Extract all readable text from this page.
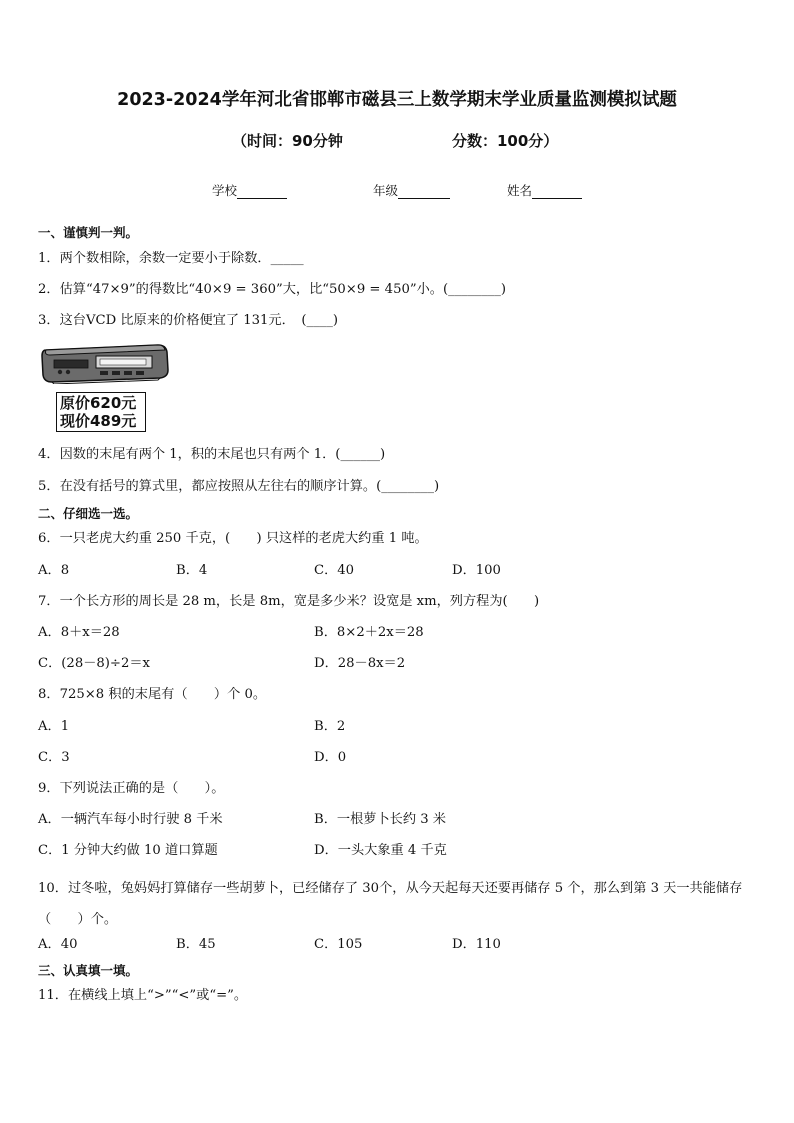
2023-2024学年河北省邯郸市磁县三上数学期末学业质量监测模拟试题
（时间：90分钟	分数：100分）
学校	年级	姓名
一、谨慎判一判。
1．两个数相除，余数一定要小于除数．_____
2．估算“47×9”的得数比“40×9 = 360”大，比“50×9 = 450”小。(________)
3．这台VCD 比原来的价格便宜了 131元．　(____)
原价620元
现价489元
4．因数的末尾有两个 1，积的末尾也只有两个 1．(______)
5．在没有括号的算式里，都应按照从左往右的顺序计算。(________)
二、仔细选一选。
6．一只老虎大约重 250 千克，(　　) 只这样的老虎大约重 1 吨。
A．8	B．4	C．40	D．100
7．一个长方形的周长是 28 m，长是 8m，宽是多少米？设宽是 xm，列方程为(　　)
A．8＋x＝28	B．8×2＋2x＝28
C．(28－8)÷2＝x	D．28－8x＝2
8．725×8 积的末尾有（　　）个 0。
A．1	B．2
C．3	D．0
9．下列说法正确的是（　　）。
A．一辆汽车每小时行驶 8 千米	B．一根萝卜长约 3 米
C．1 分钟大约做 10 道口算题	D．一头大象重 4 千克
10．过冬啦，兔妈妈打算储存一些胡萝卜，已经储存了 30个，从今天起每天还要再储存 5 个，那么到第 3 天一共能储存（　　）个。
A．40	B．45	C．105	D．110
三、认真填一填。
11．在横线上填上“>”“<”或“=”。
